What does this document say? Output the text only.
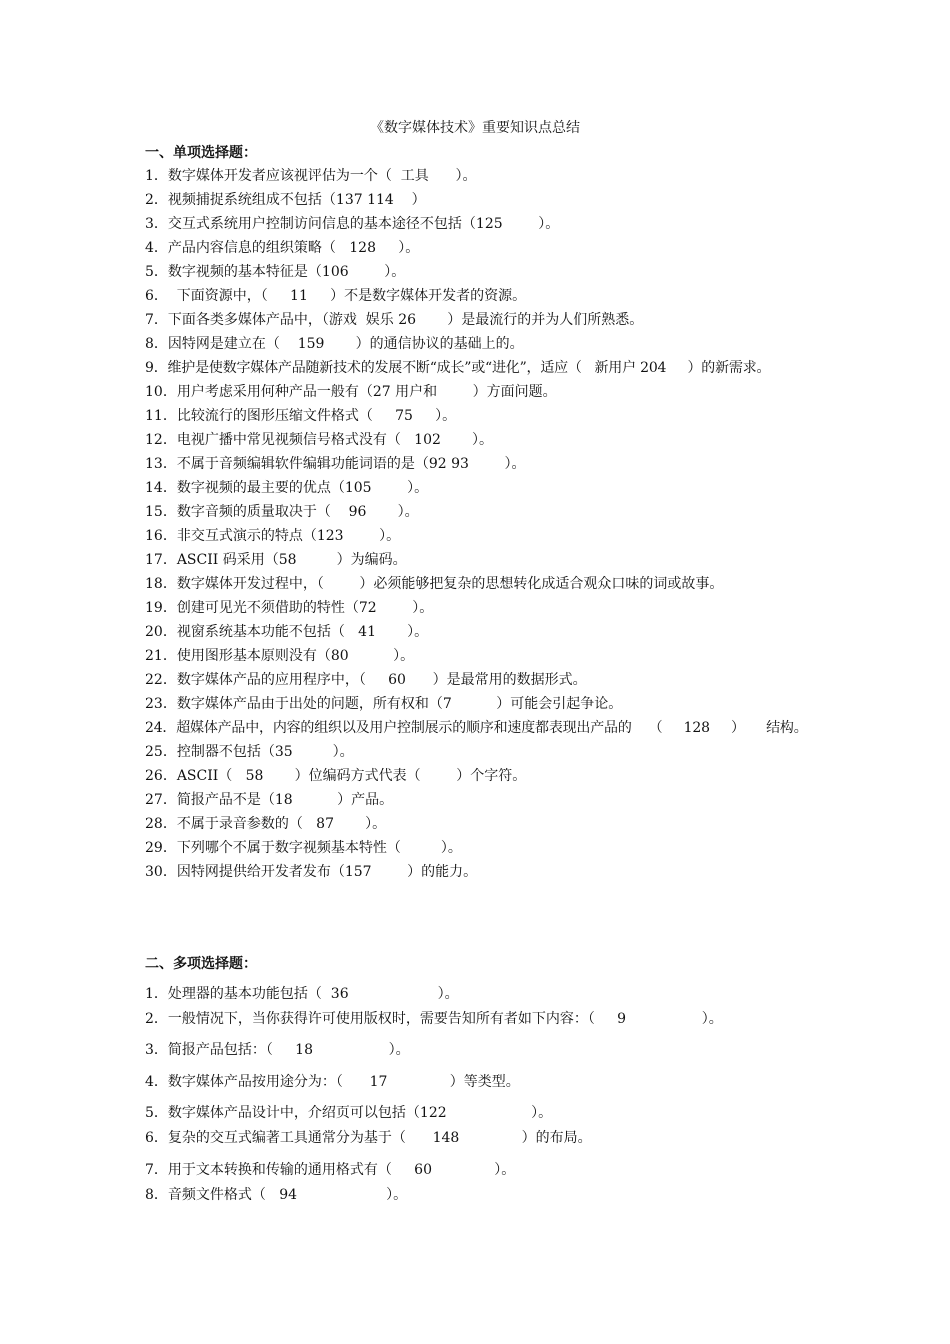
《数字媒体技术》重要知识点总结
一、单项选择题：
1．数字媒体开发者应该视评估为一个（  工具      ）。
2．视频捕捉系统组成不包括（137 114    ）
3．交互式系统用户控制访问信息的基本途径不包括（125        ）。
4．产品内容信息的组织策略（   128     ）。
5．数字视频的基本特征是（106        ）。
6．  下面资源中，（     11     ）不是数字媒体开发者的资源。
7．下面各类多媒体产品中，（游戏  娱乐 26       ）是最流行的并为人们所熟悉。
8．因特网是建立在（    159       ）的通信协议的基础上的。
9．维护是使数字媒体产品随新技术的发展不断“成长”或“进化”，适应（   新用户 204     ）的新需求。
10．用户考虑采用何种产品一般有（27 用户和        ）方面问题。
11．比较流行的图形压缩文件格式（     75     ）。
12．电视广播中常见视频信号格式没有（   102       ）。
13．不属于音频编辑软件编辑功能词语的是（92 93        ）。
14．数字视频的最主要的优点（105        ）。
15．数字音频的质量取决于（    96       ）。
16．非交互式演示的特点（123        ）。
17．ASCII 码采用（58         ）为编码。
18．数字媒体开发过程中，（        ）必须能够把复杂的思想转化成适合观众口味的词或故事。
19．创建可见光不须借助的特性（72        ）。
20．视窗系统基本功能不包括（   41       ）。
21．使用图形基本原则没有（80          ）。
22．数字媒体产品的应用程序中，（     60      ）是最常用的数据形式。
23．数字媒体产品由于出处的问题，所有权和（7          ）可能会引起争论。
24．超媒体产品中，内容的组织以及用户控制展示的顺序和速度都表现出产品的    （     128     ）     结构。
25．控制器不包括（35         ）。
26．ASCII（   58       ）位编码方式代表（        ）个字符。
27．简报产品不是（18          ）产品。
28．不属于录音参数的（   87       ）。
29．下列哪个不属于数字视频基本特性（         ）。
30．因特网提供给开发者发布（157        ）的能力。
二、多项选择题：
1．处理器的基本功能包括（  36                    ）。
2．一般情况下，当你获得许可使用版权时，需要告知所有者如下内容：（     9                 ）。
3．简报产品包括：（     18                 ）。
4．数字媒体产品按用途分为：（      17              ）等类型。
5．数字媒体产品设计中，介绍页可以包括（122                   ）。
6．复杂的交互式编著工具通常分为基于（      148              ）的布局。
7．用于文本转换和传输的通用格式有（     60              ）。
8．音频文件格式（   94                    ）。
